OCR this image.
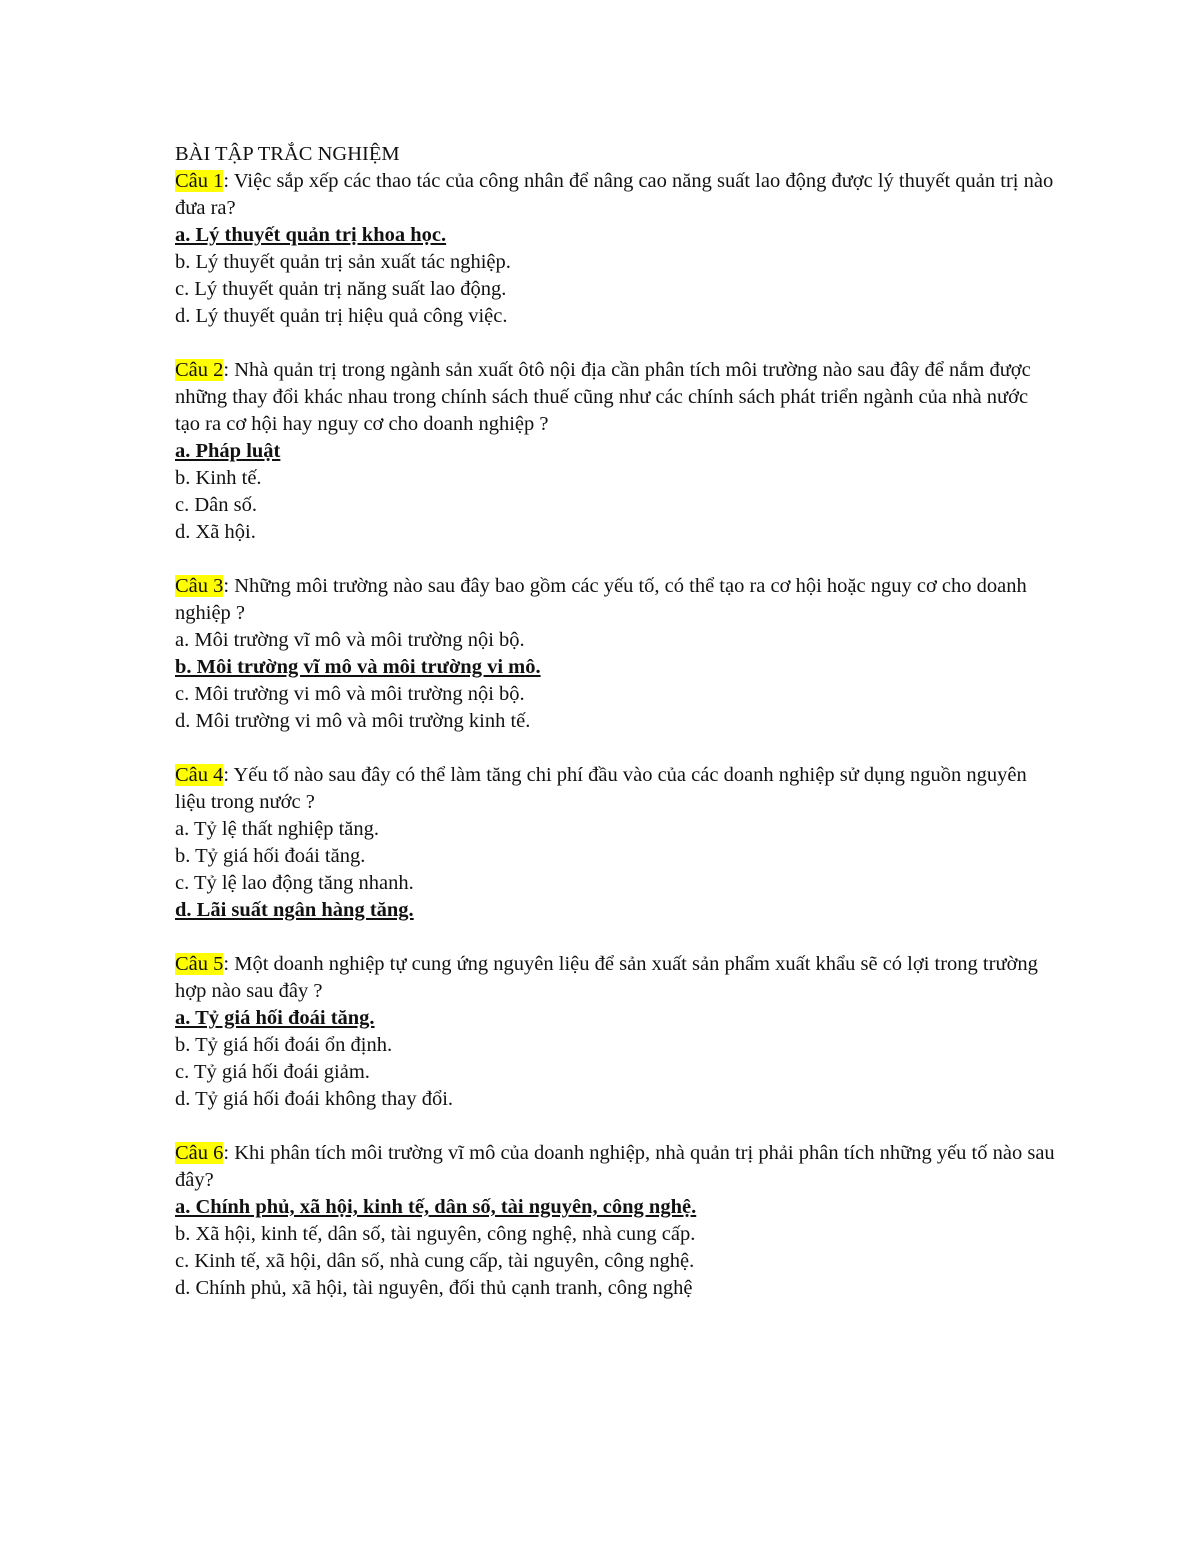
BÀI TẬP TRẮC NGHIỆM

Câu 1: Việc sắp xếp các thao tác của công nhân để nâng cao năng suất lao động được lý thuyết quản trị nào đưa ra?

a. Lý thuyết quản trị khoa học.

b. Lý thuyết quản trị sản xuất tác nghiệp.

c. Lý thuyết quản trị năng suất lao động.

d. Lý thuyết quản trị hiệu quả công việc.

Câu 2: Nhà quản trị trong ngành sản xuất ôtô nội địa cần phân tích môi trường nào sau đây để nắm được những thay đổi khác nhau trong chính sách thuế cũng như các chính sách phát triển ngành của nhà nước tạo ra cơ hội hay nguy cơ cho doanh nghiệp ?

a. Pháp luật

b. Kinh tế.

c. Dân số.

d. Xã hội.

Câu 3: Những môi trường nào sau đây bao gồm các yếu tố, có thể tạo ra cơ hội hoặc nguy cơ cho doanh nghiệp ?

a. Môi trường vĩ mô và môi trường nội bộ.

b. Môi trường vĩ mô và môi trường vi mô.

c. Môi trường vi mô và môi trường nội bộ.

d. Môi trường vi mô và môi trường kinh tế.

Câu 4: Yếu tố nào sau đây có thể làm tăng chi phí đầu vào của các doanh nghiệp sử dụng nguồn nguyên liệu trong nước ?

a. Tỷ lệ thất nghiệp tăng.

b. Tỷ giá hối đoái tăng.

c. Tỷ lệ lao động tăng nhanh.

d. Lãi suất ngân hàng tăng.

Câu 5: Một doanh nghiệp tự cung ứng nguyên liệu để sản xuất sản phẩm xuất khẩu sẽ có lợi trong trường hợp nào sau đây ?

a. Tỷ giá hối đoái tăng.

b. Tỷ giá hối đoái ổn định.

c. Tỷ giá hối đoái giảm.

d. Tỷ giá hối đoái không thay đổi.

Câu 6: Khi phân tích môi trường vĩ mô của doanh nghiệp, nhà quản trị phải phân tích những yếu tố nào sau đây?

a. Chính phủ, xã hội, kinh tế, dân số, tài nguyên, công nghệ.

b. Xã hội, kinh tế, dân số, tài nguyên, công nghệ, nhà cung cấp.

c. Kinh tế, xã hội, dân số, nhà cung cấp, tài nguyên, công nghệ.

d. Chính phủ, xã hội, tài nguyên, đối thủ cạnh tranh, công nghệ
